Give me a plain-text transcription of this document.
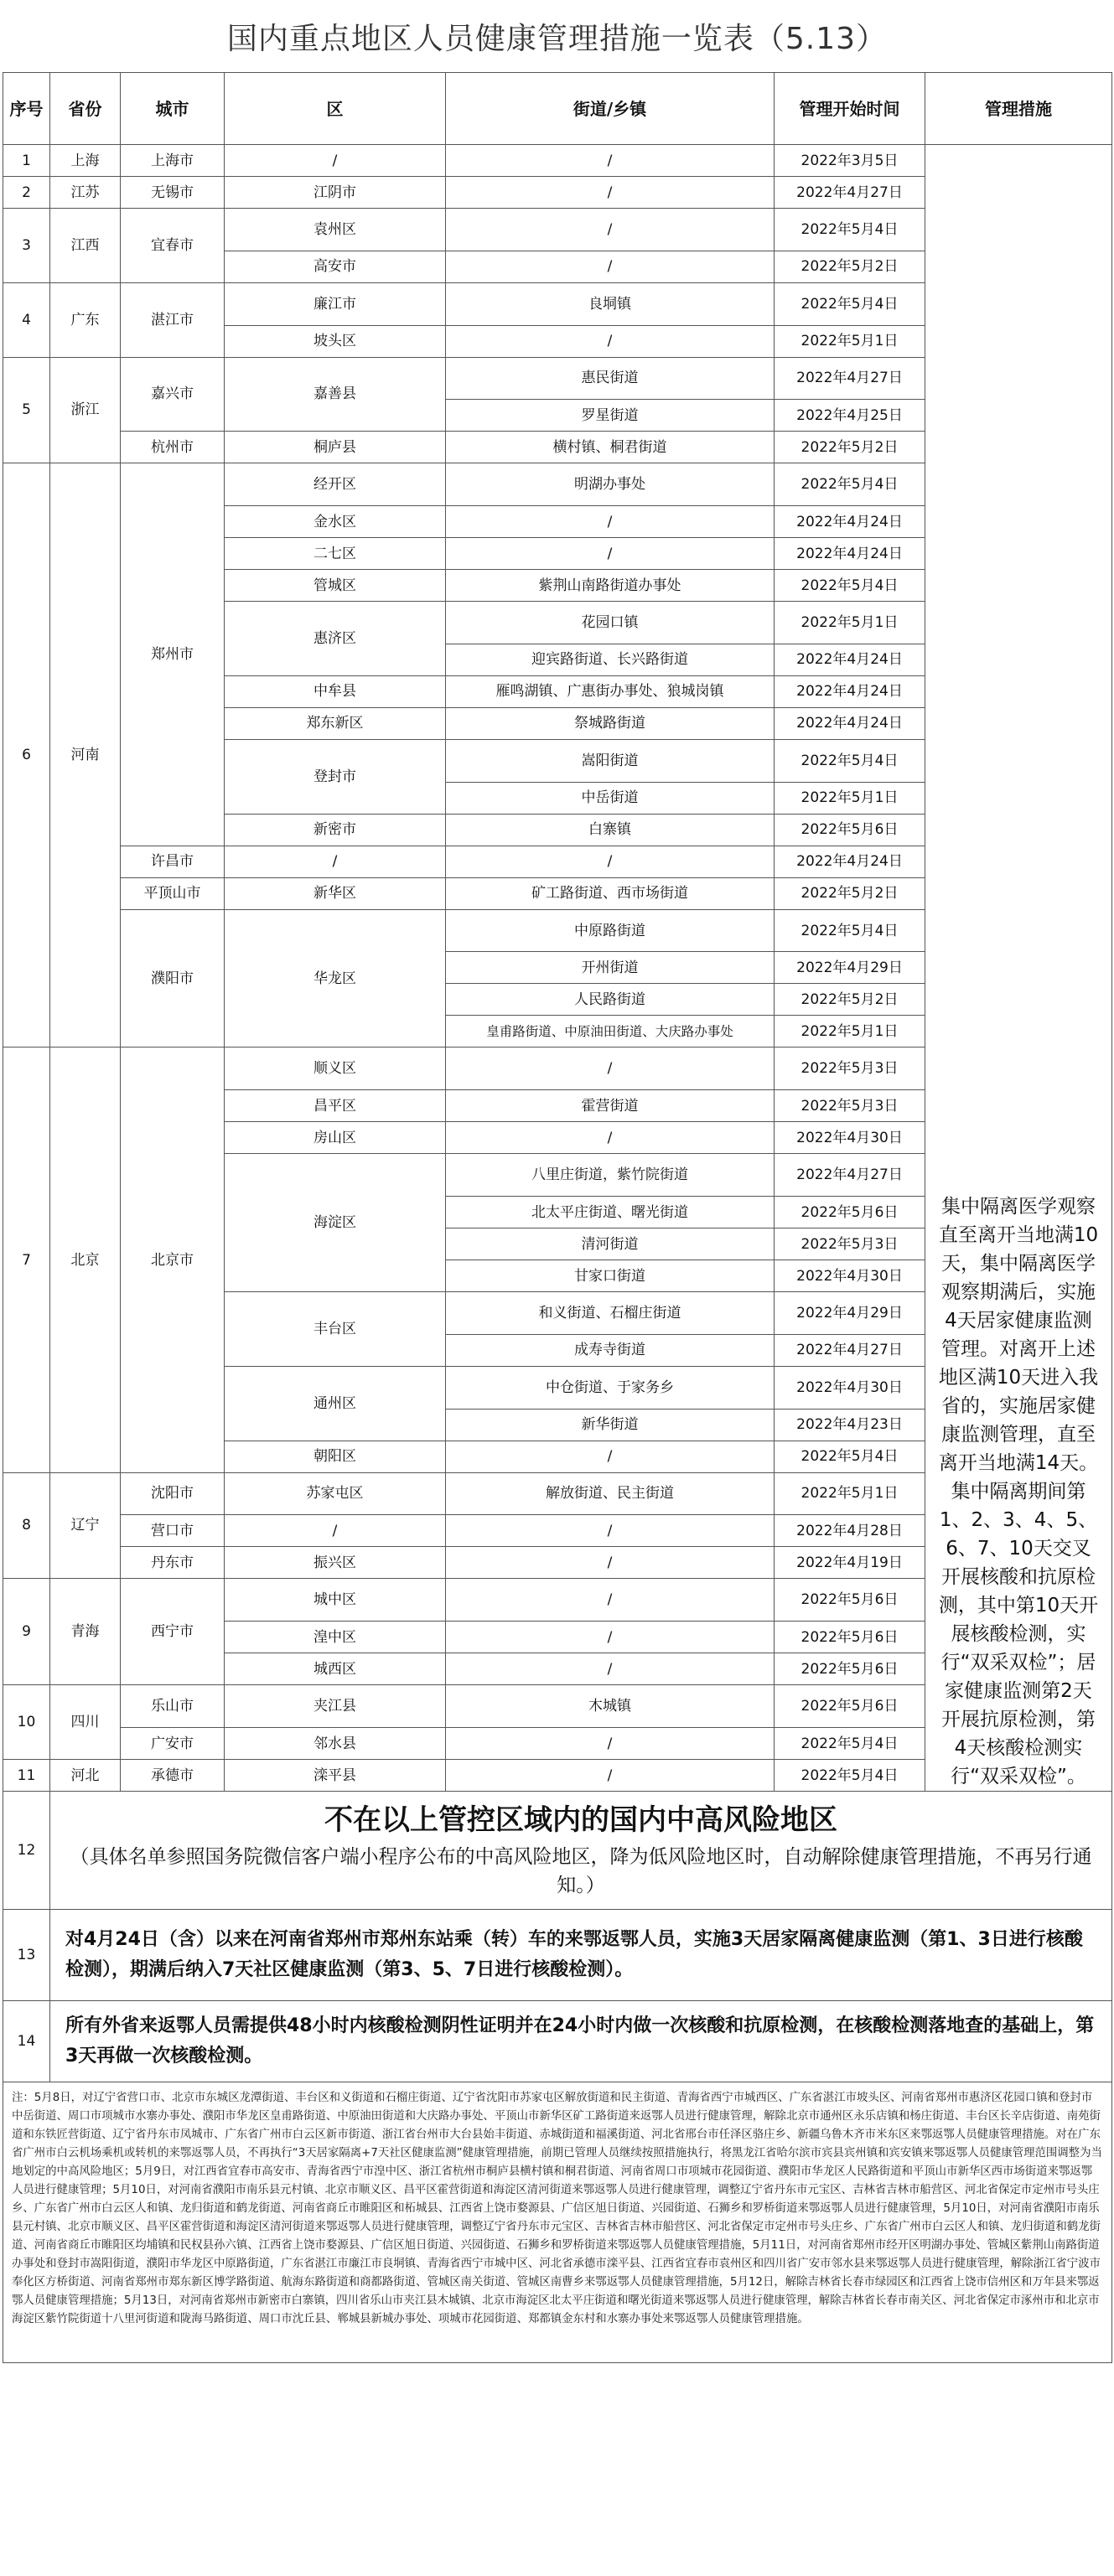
国内重点地区人员健康管理措施一览表（5.13）
序号	省份	城市	区	街道/乡镇	管理开始时间	管理措施
1	上海	上海市	/	/	2022年3月5日	集中隔离医学观察直至离开当地满10天，集中隔离医学观察期满后，实施4天居家健康监测管理。对离开上述地区满10天进入我省的，实施居家健康监测管理，直至离开当地满14天。集中隔离期间第1、2、3、4、5、6、7、10天交叉开展核酸和抗原检测，其中第10天开展核酸检测，实行“双采双检”；居家健康监测第2天开展抗原检测，第4天核酸检测实行“双采双检”。

2	江苏	无锡市	江阴市	/	2022年4月27日	
3	江西	宜春市	袁州区	/	2022年5月4日	
			高安市	/	2022年5月2日	
4	广东	湛江市	廉江市	良垌镇	2022年5月4日	
			坡头区	/	2022年5月1日	
5	浙江	嘉兴市	嘉善县	惠民街道	2022年4月27日	
				罗星街道	2022年4月25日	
		杭州市	桐庐县	横村镇、桐君街道	2022年5月2日	
6	河南	郑州市	经开区	明湖办事处	2022年5月4日	
			金水区	/	2022年4月24日	
			二七区	/	2022年4月24日	
			管城区	紫荆山南路街道办事处	2022年5月4日	
			惠济区	花园口镇	2022年5月1日	
				迎宾路街道、长兴路街道	2022年4月24日	
			中牟县	雁鸣湖镇、广惠街办事处、狼城岗镇	2022年4月24日	
			郑东新区	祭城路街道	2022年4月24日	
			登封市	嵩阳街道	2022年5月4日	
				中岳街道	2022年5月1日	
			新密市	白寨镇	2022年5月6日	
		许昌市	/	/	2022年4月24日	
		平顶山市	新华区	矿工路街道、西市场街道	2022年5月2日	
		濮阳市	华龙区	中原路街道	2022年5月4日	
				开州街道	2022年4月29日	
				人民路街道	2022年5月2日	
				皇甫路街道、中原油田街道、大庆路办事处	2022年5月1日	
7	北京	北京市	顺义区	/	2022年5月3日	
			昌平区	霍营街道	2022年5月3日	
			房山区	/	2022年4月30日	
			海淀区	八里庄街道，紫竹院街道	2022年4月27日	
				北太平庄街道、曙光街道	2022年5月6日	
				清河街道	2022年5月3日	
				甘家口街道	2022年4月30日	
			丰台区	和义街道、石榴庄街道	2022年4月29日	
				成寿寺街道	2022年4月27日	
			通州区	中仓街道、于家务乡	2022年4月30日	
				新华街道	2022年4月23日	
			朝阳区	/	2022年5月4日	
8	辽宁	沈阳市	苏家屯区	解放街道、民主街道	2022年5月1日	
		营口市	/	/	2022年4月28日	
		丹东市	振兴区	/	2022年4月19日	
9	青海	西宁市	城中区	/	2022年5月6日	
			湟中区	/	2022年5月6日	
			城西区	/	2022年5月6日	
10	四川	乐山市	夹江县	木城镇	2022年5月6日	
		广安市	邻水县	/	2022年5月4日	
11	河北	承德市	滦平县	/	2022年5月4日	
12	不在以上管控区域内的国内中高风险地区
（具体名单参照国务院微信客户端小程序公布的中高风险地区，降为低风险地区时，自动解除健康管理措施，不再另行通知。）					

13	对4月24日（含）以来在河南省郑州市郑州东站乘（转）车的来鄂返鄂人员，实施3天居家隔离健康监测（第1、3日进行核酸检测），期满后纳入7天社区健康监测（第3、5、7日进行核酸检测）。					
14	所有外省来返鄂人员需提供48小时内核酸检测阴性证明并在24小时内做一次核酸和抗原检测，在核酸检测落地查的基础上，第3天再做一次核酸检测。					
注：5月8日，对辽宁省营口市、北京市东城区龙潭街道、丰台区和义街道和石榴庄街道、辽宁省沈阳市苏家屯区解放街道和民主街道、青海省西宁市城西区、广东省湛江市坡头区、河南省郑州市惠济区花园口镇和登封市中岳街道、周口市项城市水寨办事处、濮阳市华龙区皇甫路街道、中原油田街道和大庆路办事处、平顶山市新华区矿工路街道来返鄂人员进行健康管理，解除北京市通州区永乐店镇和杨庄街道、丰台区长辛店街道、南苑街道和东铁匠营街道、辽宁省丹东市凤城市、广东省广州市白云区新市街道、浙江省台州市大台县始丰街道、赤城街道和福溪街道、河北省邢台市任泽区骆庄乡、新疆乌鲁木齐市米东区来鄂返鄂人员健康管理措施。对在广东省广州市白云机场乘机或转机的来鄂返鄂人员，不再执行“3天居家隔离+7天社区健康监测”健康管理措施，前期已管理人员继续按照措施执行，将黑龙江省哈尔滨市宾县宾州镇和宾安镇来鄂返鄂人员健康管理范围调整为当地划定的中高风险地区；5月9日，对江西省宜春市高安市、青海省西宁市湟中区、浙江省杭州市桐庐县横村镇和桐君街道、河南省周口市项城市花园街道、濮阳市华龙区人民路街道和平顶山市新华区西市场街道来鄂返鄂人员进行健康管理；5月10日，对河南省濮阳市南乐县元村镇、北京市顺义区、昌平区霍营街道和海淀区清河街道来鄂返鄂人员进行健康管理，调整辽宁省丹东市元宝区、吉林省吉林市船营区、河北省保定市定州市号头庄乡、广东省广州市白云区人和镇、龙归街道和鹤龙街道、河南省商丘市睢阳区和柘城县、江西省上饶市婺源县、广信区旭日街道、兴园街道、石狮乡和罗桥街道来鄂返鄂人员进行健康管理，5月10日，对河南省濮阳市南乐县元村镇、北京市顺义区、昌平区霍营街道和海淀区清河街道来鄂返鄂人员进行健康管理，调整辽宁省丹东市元宝区、吉林省吉林市船营区、河北省保定市定州市号头庄乡、广东省广州市白云区人和镇、龙归街道和鹤龙街道、河南省商丘市睢阳区均埔镇和民权县孙六镇、江西省上饶市婺源县、广信区旭日街道、兴园街道、石狮乡和罗桥街道来鄂返鄂人员健康管理措施，5月11日，对河南省郑州市经开区明湖办事处、管城区紫荆山南路街道办事处和登封市嵩阳街道，濮阳市华龙区中原路街道，广东省湛江市廉江市良垌镇、青海省西宁市城中区、河北省承德市滦平县、江西省宜春市袁州区和四川省广安市邻水县来鄂返鄂人员进行健康管理，解除浙江省宁波市奉化区方桥街道、河南省郑州市郑东新区博学路街道、航海东路街道和商都路街道、管城区南关街道、管城区南曹乡来鄂返鄂人员健康管理措施，5月12日，解除吉林省长春市绿园区和江西省上饶市信州区和万年县来鄂返鄂人员健康管理措施；5月13日，对河南省郑州市新密市白寨镇，四川省乐山市夹江县木城镇、北京市海淀区北太平庄街道和曙光街道来鄂返鄂人员进行健康管理，解除吉林省长春市南关区、河北省保定市涿州市和北京市海淀区紫竹院街道十八里河街道和陇海马路街道、周口市沈丘县、郸城县新城办事处、项城市花园街道、郑都镇金东村和水寨办事处来鄂返鄂人员健康管理措施。						
